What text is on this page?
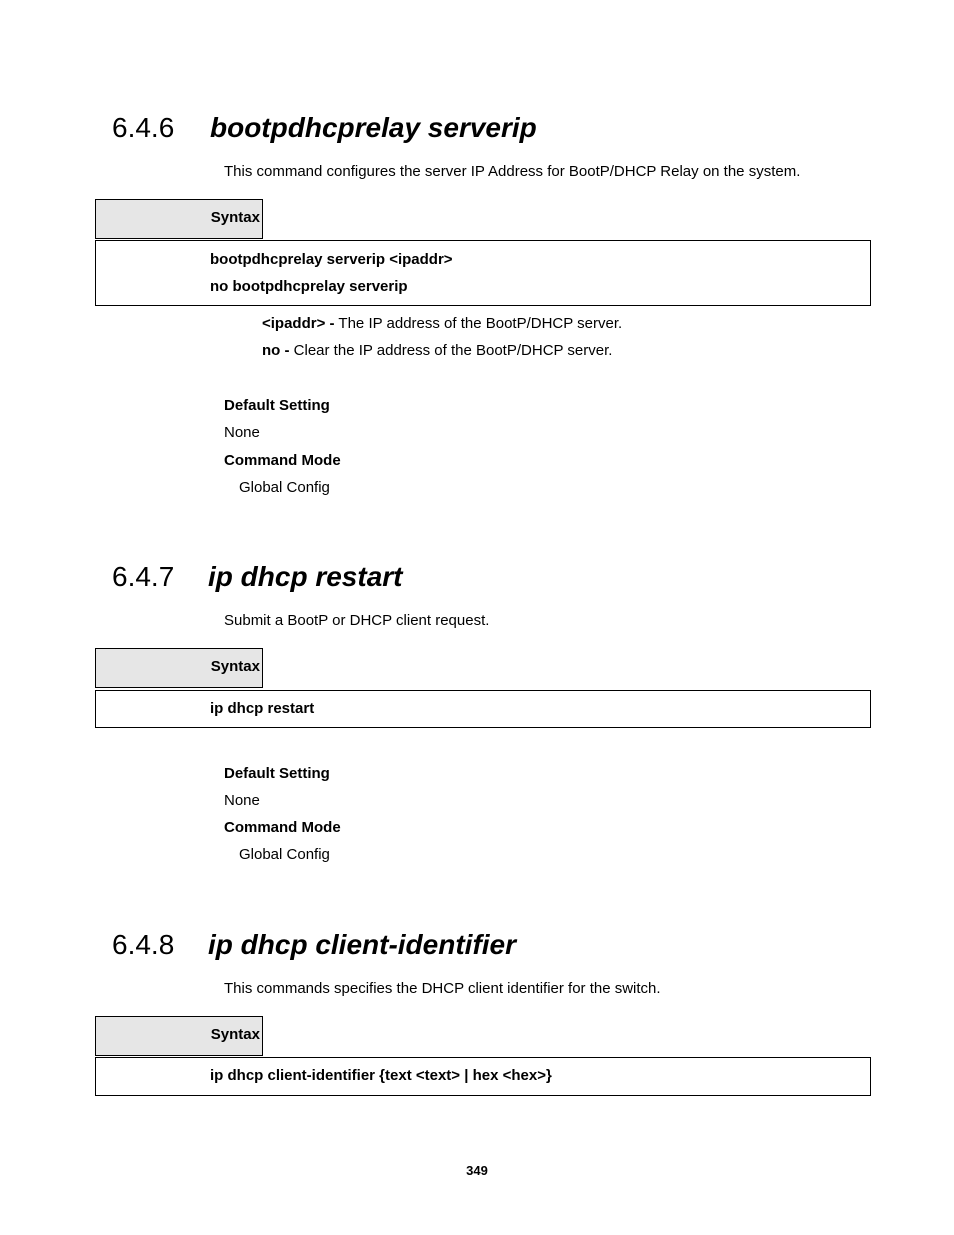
6.4.6 bootpdhcprelay serverip
This command configures the server IP Address for BootP/DHCP Relay on the system.
Syntax
bootpdhcprelay serverip <ipaddr>
no bootpdhcprelay serverip
<ipaddr> - The IP address of the BootP/DHCP server.
no - Clear the IP address of the BootP/DHCP server.
Default Setting
None
Command Mode
Global Config
6.4.7 ip dhcp restart
Submit a BootP or DHCP client request.
Syntax
ip dhcp restart
Default Setting
None
Command Mode
Global Config
6.4.8 ip dhcp client-identifier
This commands specifies the DHCP client identifier for the switch.
Syntax
ip dhcp client-identifier {text <text> | hex <hex>}
349
